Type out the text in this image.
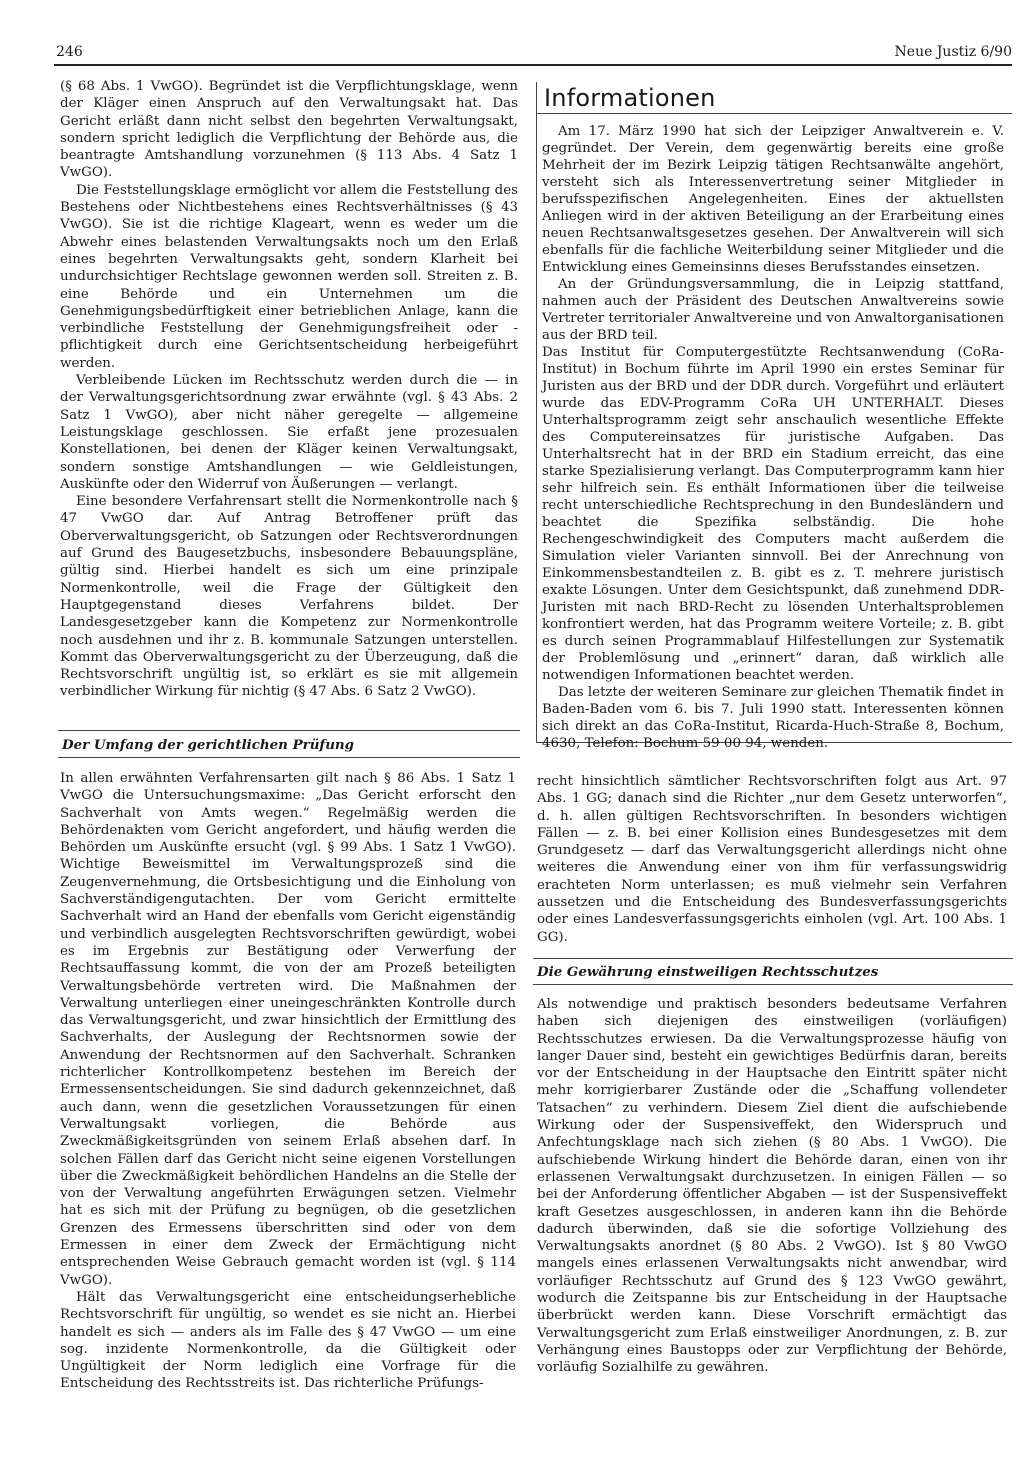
246	Neue Justiz 6/90

(§ 68 Abs. 1 VwGO). Begründet ist die Verpflichtungsklage, wenn der Kläger einen Anspruch auf den Verwaltungsakt hat. Das Gericht erläßt dann nicht selbst den begehrten Verwaltungsakt, sondern spricht lediglich die Verpflichtung der Behörde aus, die beantragte Amtshandlung vorzunehmen (§ 113 Abs. 4 Satz 1 VwGO).

Die Feststellungsklage ermöglicht vor allem die Feststellung des Bestehens oder Nichtbestehens eines Rechtsverhältnisses (§ 43 VwGO). Sie ist die richtige Klageart, wenn es weder um die Abwehr eines belastenden Verwaltungsakts noch um den Erlaß eines begehrten Verwaltungsakts geht, sondern Klarheit bei undurchsichtiger Rechtslage gewonnen werden soll. Streiten z. B. eine Behörde und ein Unternehmen um die Genehmigungsbedürftigkeit einer betrieblichen Anlage, kann die verbindliche Feststellung der Genehmigungsfreiheit oder -pflichtigkeit durch eine Gerichtsentscheidung herbeigeführt werden.

Verbleibende Lücken im Rechtsschutz werden durch die — in der Verwaltungsgerichtsordnung zwar erwähnte (vgl. § 43 Abs. 2 Satz 1 VwGO), aber nicht näher geregelte — allgemeine Leistungsklage geschlossen. Sie erfaßt jene prozesualen Konstellationen, bei denen der Kläger keinen Verwaltungsakt, sondern sonstige Amtshandlungen — wie Geldleistungen, Auskünfte oder den Widerruf von Äußerungen — verlangt.

Eine besondere Verfahrensart stellt die Normenkontrolle nach § 47 VwGO dar. Auf Antrag Betroffener prüft das Oberverwaltungsgericht, ob Satzungen oder Rechtsverordnungen auf Grund des Baugesetzbuchs, insbesondere Bebauungspläne, gültig sind. Hierbei handelt es sich um eine prinzipale Normenkontrolle, weil die Frage der Gültigkeit den Hauptgegenstand dieses Verfahrens bildet. Der Landesgesetzgeber kann die Kompetenz zur Normenkontrolle noch ausdehnen und ihr z. B. kommunale Satzungen unterstellen. Kommt das Oberverwaltungsgericht zu der Überzeugung, daß die Rechtsvorschrift ungültig ist, so erklärt es sie mit allgemein verbindlicher Wirkung für nichtig (§ 47 Abs. 6 Satz 2 VwGO).

Informationen

Am 17. März 1990 hat sich der Leipziger Anwaltverein e. V. gegründet. Der Verein, dem gegenwärtig bereits eine große Mehrheit der im Bezirk Leipzig tätigen Rechtsanwälte angehört, versteht sich als Interessenvertretung seiner Mitglieder in berufsspezifischen Angelegenheiten. Eines der aktuellsten Anliegen wird in der aktiven Beteiligung an der Erarbeitung eines neuen Rechtsanwaltsgesetzes gesehen. Der Anwaltverein will sich ebenfalls für die fachliche Weiterbildung seiner Mitglieder und die Entwicklung eines Gemeinsinns dieses Berufsstandes einsetzen.

An der Gründungsversammlung, die in Leipzig stattfand, nahmen auch der Präsident des Deutschen Anwaltvereins sowie Vertreter territorialer Anwaltvereine und von Anwaltorganisationen aus der BRD teil.

Das Institut für Computergestützte Rechtsanwendung (CoRa-Institut) in Bochum führte im April 1990 ein erstes Seminar für Juristen aus der BRD und der DDR durch. Vorgeführt und erläutert wurde das EDV-Programm CoRa UH UNTERHALT. Dieses Unterhaltsprogramm zeigt sehr anschaulich wesentliche Effekte des Computereinsatzes für juristische Aufgaben. Das Unterhaltsrecht hat in der BRD ein Stadium erreicht, das eine starke Spezialisierung verlangt. Das Computerprogramm kann hier sehr hilfreich sein. Es enthält Informationen über die teilweise recht unterschiedliche Rechtsprechung in den Bundesländern und beachtet die Spezifika selbständig. Die hohe Rechengeschwindigkeit des Computers macht außerdem die Simulation vieler Varianten sinnvoll. Bei der Anrechnung von Einkommensbestandteilen z. B. gibt es z. T. mehrere juristisch exakte Lösungen. Unter dem Gesichtspunkt, daß zunehmend DDR-Juristen mit nach BRD-Recht zu lösenden Unterhaltsproblemen konfrontiert werden, hat das Programm weitere Vorteile; z. B. gibt es durch seinen Programmablauf Hilfestellungen zur Systematik der Problemlösung und „erinnert“ daran, daß wirklich alle notwendigen Informationen beachtet werden.

Das letzte der weiteren Seminare zur gleichen Thematik findet in Baden-Baden vom 6. bis 7. Juli 1990 statt. Interessenten können sich direkt an das CoRa-Institut, Ricarda-Huch-Straße 8, Bochum, 4630, Telefon: Bochum 59 00 94, wenden.

Der Umfang der gerichtlichen Prüfung

In allen erwähnten Verfahrensarten gilt nach § 86 Abs. 1 Satz 1 VwGO die Untersuchungsmaxime: „Das Gericht erforscht den Sachverhalt von Amts wegen.“ Regelmäßig werden die Behördenakten vom Gericht angefordert, und häufig werden die Behörden um Auskünfte ersucht (vgl. § 99 Abs. 1 Satz 1 VwGO). Wichtige Beweismittel im Verwaltungsprozeß sind die Zeugenvernehmung, die Ortsbesichtigung und die Einholung von Sachverständigengutachten. Der vom Gericht ermittelte Sachverhalt wird an Hand der ebenfalls vom Gericht eigenständig und verbindlich ausgelegten Rechtsvorschriften gewürdigt, wobei es im Ergebnis zur Bestätigung oder Verwerfung der Rechtsauffassung kommt, die von der am Prozeß beteiligten Verwaltungsbehörde vertreten wird. Die Maßnahmen der Verwaltung unterliegen einer uneingeschränkten Kontrolle durch das Verwaltungsgericht, und zwar hinsichtlich der Ermittlung des Sachverhalts, der Auslegung der Rechtsnormen sowie der Anwendung der Rechtsnormen auf den Sachverhalt. Schranken richterlicher Kontrollkompetenz bestehen im Bereich der Ermessensentscheidungen. Sie sind dadurch gekennzeichnet, daß auch dann, wenn die gesetzlichen Voraussetzungen für einen Verwaltungsakt vorliegen, die Behörde aus Zweckmäßigkeitsgründen von seinem Erlaß absehen darf. In solchen Fällen darf das Gericht nicht seine eigenen Vorstellungen über die Zweckmäßigkeit behördlichen Handelns an die Stelle der von der Verwaltung angeführten Erwägungen setzen. Vielmehr hat es sich mit der Prüfung zu begnügen, ob die gesetzlichen Grenzen des Ermessens überschritten sind oder von dem Ermessen in einer dem Zweck der Ermächtigung nicht entsprechenden Weise Gebrauch gemacht worden ist (vgl. § 114 VwGO).

Hält das Verwaltungsgericht eine entscheidungserhebliche Rechtsvorschrift für ungültig, so wendet es sie nicht an. Hierbei handelt es sich — anders als im Falle des § 47 VwGO — um eine sog. inzidente Normenkontrolle, da die Gültigkeit oder Ungültigkeit der Norm lediglich eine Vorfrage für die Entscheidung des Rechtsstreits ist. Das richterliche Prüfungs-

recht hinsichtlich sämtlicher Rechtsvorschriften folgt aus Art. 97 Abs. 1 GG; danach sind die Richter „nur dem Gesetz unterworfen“, d. h. allen gültigen Rechtsvorschriften. In besonders wichtigen Fällen — z. B. bei einer Kollision eines Bundesgesetzes mit dem Grundgesetz — darf das Verwaltungsgericht allerdings nicht ohne weiteres die Anwendung einer von ihm für verfassungswidrig erachteten Norm unterlassen; es muß vielmehr sein Verfahren aussetzen und die Entscheidung des Bundesverfassungsgerichts oder eines Landesverfassungsgerichts einholen (vgl. Art. 100 Abs. 1 GG).

Die Gewährung einstweiligen Rechtsschutzes

Als notwendige und praktisch besonders bedeutsame Verfahren haben sich diejenigen des einstweiligen (vorläufigen) Rechtsschutzes erwiesen. Da die Verwaltungsprozesse häufig von langer Dauer sind, besteht ein gewichtiges Bedürfnis daran, bereits vor der Entscheidung in der Hauptsache den Eintritt später nicht mehr korrigierbarer Zustände oder die „Schaffung vollendeter Tatsachen“ zu verhindern. Diesem Ziel dient die aufschiebende Wirkung oder der Suspensiveffekt, den Widerspruch und Anfechtungsklage nach sich ziehen (§ 80 Abs. 1 VwGO). Die aufschiebende Wirkung hindert die Behörde daran, einen von ihr erlassenen Verwaltungsakt durchzusetzen. In einigen Fällen — so bei der Anforderung öffentlicher Abgaben — ist der Suspensiveffekt kraft Gesetzes ausgeschlossen, in anderen kann ihn die Behörde dadurch überwinden, daß sie die sofortige Vollziehung des Verwaltungsakts anordnet (§ 80 Abs. 2 VwGO). Ist § 80 VwGO mangels eines erlassenen Verwaltungsakts nicht anwendbar, wird vorläufiger Rechtsschutz auf Grund des § 123 VwGO gewährt, wodurch die Zeitspanne bis zur Entscheidung in der Hauptsache überbrückt werden kann. Diese Vorschrift ermächtigt das Verwaltungsgericht zum Erlaß einstweiliger Anordnungen, z. B. zur Verhängung eines Baustopps oder zur Verpflichtung der Behörde, vorläufig Sozialhilfe zu gewähren.
